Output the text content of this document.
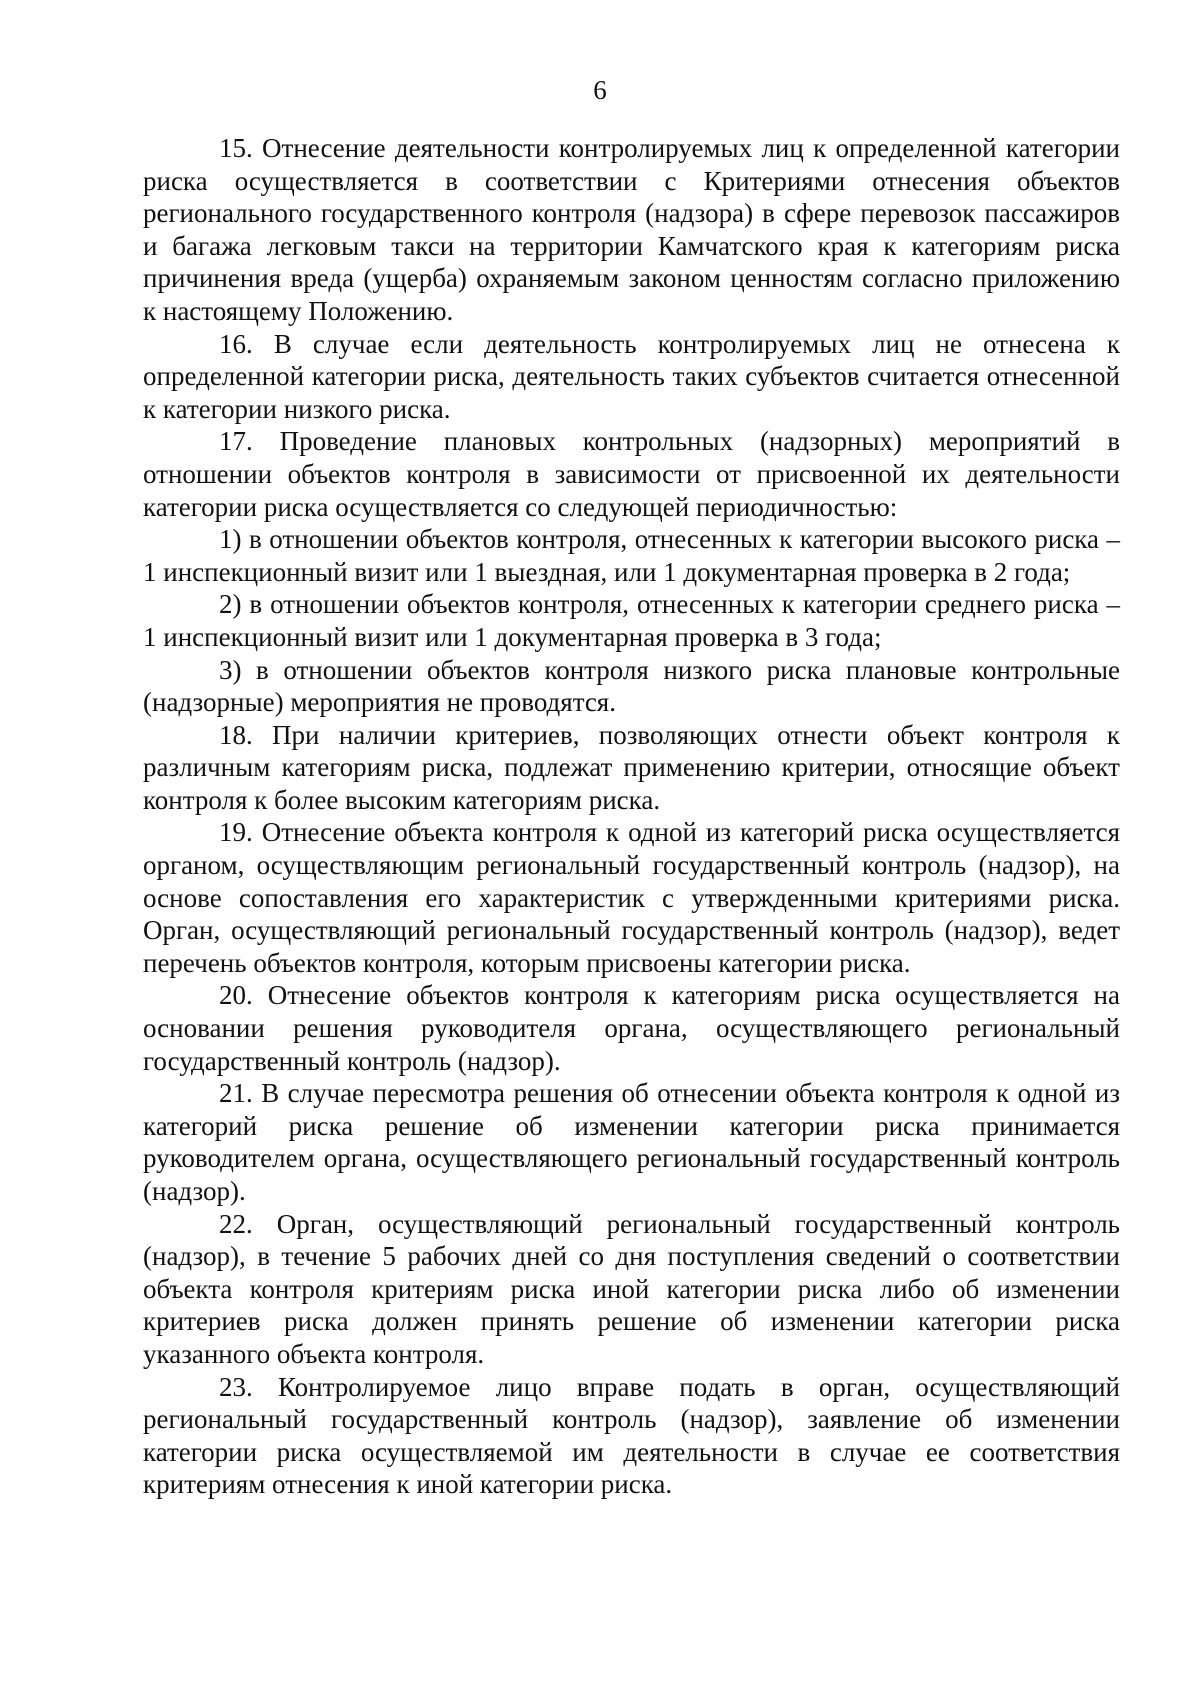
6

15. Отнесение деятельности контролируемых лиц к определенной категории риска осуществляется в соответствии с Критериями отнесения объектов регионального государственного контроля (надзора) в сфере перевозок пассажиров и багажа легковым такси на территории Камчатского края к категориям риска причинения вреда (ущерба) охраняемым законом ценностям согласно приложению к настоящему Положению.

16. В случае если деятельность контролируемых лиц не отнесена к определенной категории риска, деятельность таких субъектов считается отнесенной к категории низкого риска.

17. Проведение плановых контрольных (надзорных) мероприятий в отношении объектов контроля в зависимости от присвоенной их деятельности категории риска осуществляется со следующей периодичностью:

1) в отношении объектов контроля, отнесенных к категории высокого риска – 1 инспекционный визит или 1 выездная, или 1 документарная проверка в 2 года;

2) в отношении объектов контроля, отнесенных к категории среднего риска – 1 инспекционный визит или 1 документарная проверка в 3 года;

3) в отношении объектов контроля низкого риска плановые контрольные (надзорные) мероприятия не проводятся.

18. При наличии критериев, позволяющих отнести объект контроля к различным категориям риска, подлежат применению критерии, относящие объект контроля к более высоким категориям риска.

19. Отнесение объекта контроля к одной из категорий риска осуществляется органом, осуществляющим региональный государственный контроль (надзор), на основе сопоставления его характеристик с утвержденными критериями риска. Орган, осуществляющий региональный государственный контроль (надзор), ведет перечень объектов контроля, которым присвоены категории риска.

20. Отнесение объектов контроля к категориям риска осуществляется на основании решения руководителя органа, осуществляющего региональный государственный контроль (надзор).

21. В случае пересмотра решения об отнесении объекта контроля к одной из категорий риска решение об изменении категории риска принимается руководителем органа, осуществляющего региональный государственный контроль (надзор).

22. Орган, осуществляющий региональный государственный контроль (надзор), в течение 5 рабочих дней со дня поступления сведений о соответствии объекта контроля критериям риска иной категории риска либо об изменении критериев риска должен принять решение об изменении категории риска указанного объекта контроля.

23. Контролируемое лицо вправе подать в орган, осуществляющий региональный государственный контроль (надзор), заявление об изменении категории риска осуществляемой им деятельности в случае ее соответствия критериям отнесения к иной категории риска.
